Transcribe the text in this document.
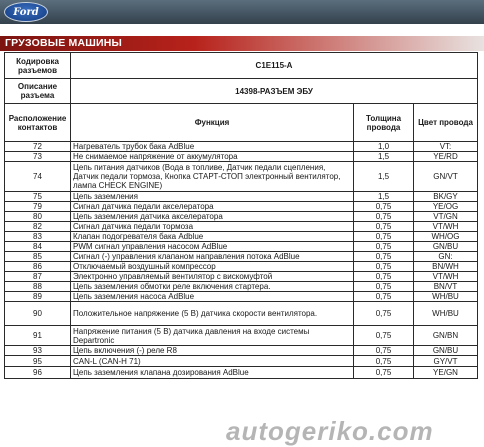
Ford
ГРУЗОВЫЕ МАШИНЫ
Кодировка разъемов	C1E115-A		
Описание разъема	14398-РАЗЪЕМ ЭБУ		
Расположение контактов	Функция	Толщина провода	Цвет провода
72	Нагреватель трубок бака AdBlue	1,0	VT:
73	Не снимаемое напряжение от аккумулятора	1,5	YE/RD
74	Цепь питания датчиков (Вода в топливе, Датчик педали сцепления, Датчик педали тормоза, Кнопка СТАРТ-СТОП электронный вентилятор, лампа CHECK ENGINE)	1,5	GN/VT
75	Цепь заземления	1,5	BK/GY
79	Сигнал датчика педали акселератора	0,75	YE/OG
80	Цепь заземления датчика акселератора	0,75	VT/GN
82	Сигнал датчика педали тормоза	0,75	VT/WH
83	Клапан подогревателя бака Adblue	0,75	WH/OG
84	PWM сигнал управления насосом AdBlue	0,75	GN/BU
85	Сигнал (-) управления клапаном направления потока AdBlue	0,75	GN:
86	Отключаемый воздушный компрессор	0,75	BN/WH
87	Электронно управляемый вентилятор с вискомуфтой	0,75	VT/WH
88	Цепь заземления обмотки реле включения стартера.	0,75	BN/VT
89	Цепь заземления насоса AdBlue	0,75	WH/BU
90	Положительное напряжение (5 В) датчика скорости вентилятора.	0,75	WH/BU
91	Напряжение питания (5 В) датчика давления на входе системы Departronic	0,75	GN/BN
93	Цепь включения (-) реле R8	0,75	GN/BU
95	CAN-L (CAN-H 71)	0,75	GY/VT
96	Цепь заземления клапана дозирования AdBlue	0,75	YE/GN
autogeriko.com
